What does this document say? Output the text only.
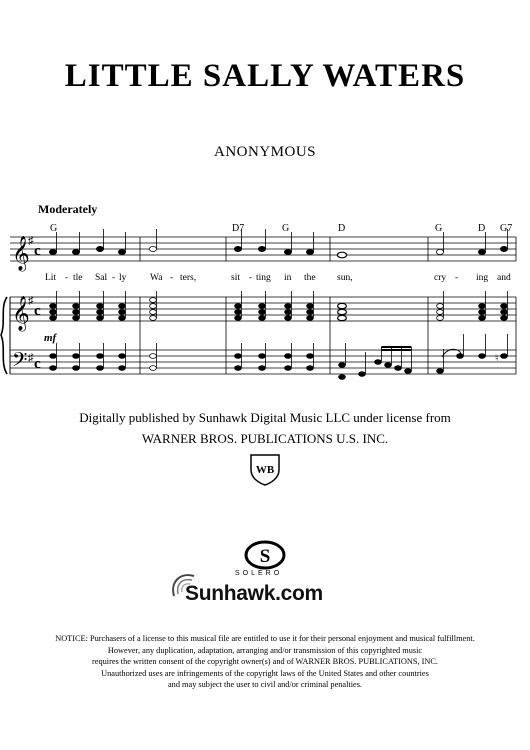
LITTLE SALLY WATERS
ANONYMOUS
Moderately
G	D7	G	D	G	D G7
Lit - tle Sal - ly Wa - ters,	sit - ting in the sun,	cry - ing and
𝄞
𝄞
𝄢
♯
♯
♯
c
c
c
mf
♮
Digitally published by Sunhawk Digital Music LLC under license from
WARNER BROS. PUBLICATIONS U.S. INC.
WB
S
SOLERO
Sunhawk.com
NOTICE: Purchasers of a license to this musical file are entitled to use it for their personal enjoyment and musical fulfillment.
However, any duplication, adaptation, arranging and/or transmission of this copyrighted music
requires the written consent of the copyright owner(s) and of WARNER BROS. PUBLICATIONS, INC.
Unauthorized uses are infringements of the copyright laws of the United States and other countries
and may subject the user to civil and/or criminal penalties.
